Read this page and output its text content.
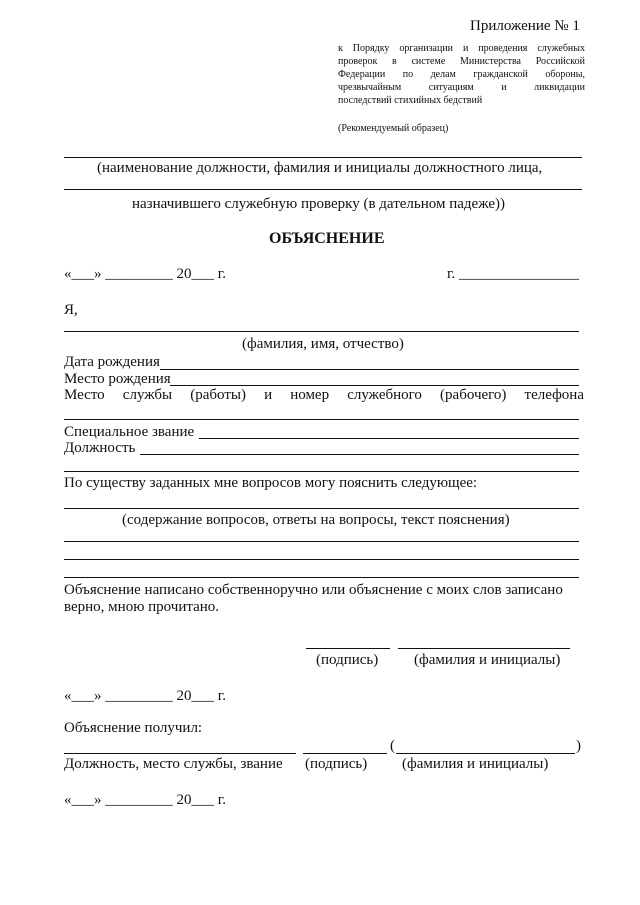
Приложение № 1
к Порядку организации и проведения служебных
проверок в системе Министерства Российской
Федерации по делам гражданской обороны,
чрезвычайным ситуациям и ликвидации
последствий стихийных бедствий
(Рекомендуемый образец)
(наименование должности, фамилия и инициалы должностного лица,
назначившего служебную проверку (в дательном падеже))
ОБЪЯСНЕНИЕ
«___» _________ 20___ г.	г. ________________
Я,
(фамилия, имя, отчество)
Дата рождения
Место рождения
Место службы (работы) и номер служебного (рабочего) телефона
Специальное звание
Должность
По существу заданных мне вопросов могу пояснить следующее:
(содержание вопросов, ответы на вопросы, текст пояснения)
Объяснение написано собственноручно или объяснение с моих слов записано
верно, мною прочитано.
(подпись) (фамилия и инициалы)
«___» _________ 20___ г.
Объяснение получил:
(	)
Должность, место службы, звание (подпись) (фамилия и инициалы)
«___» _________ 20___ г.
